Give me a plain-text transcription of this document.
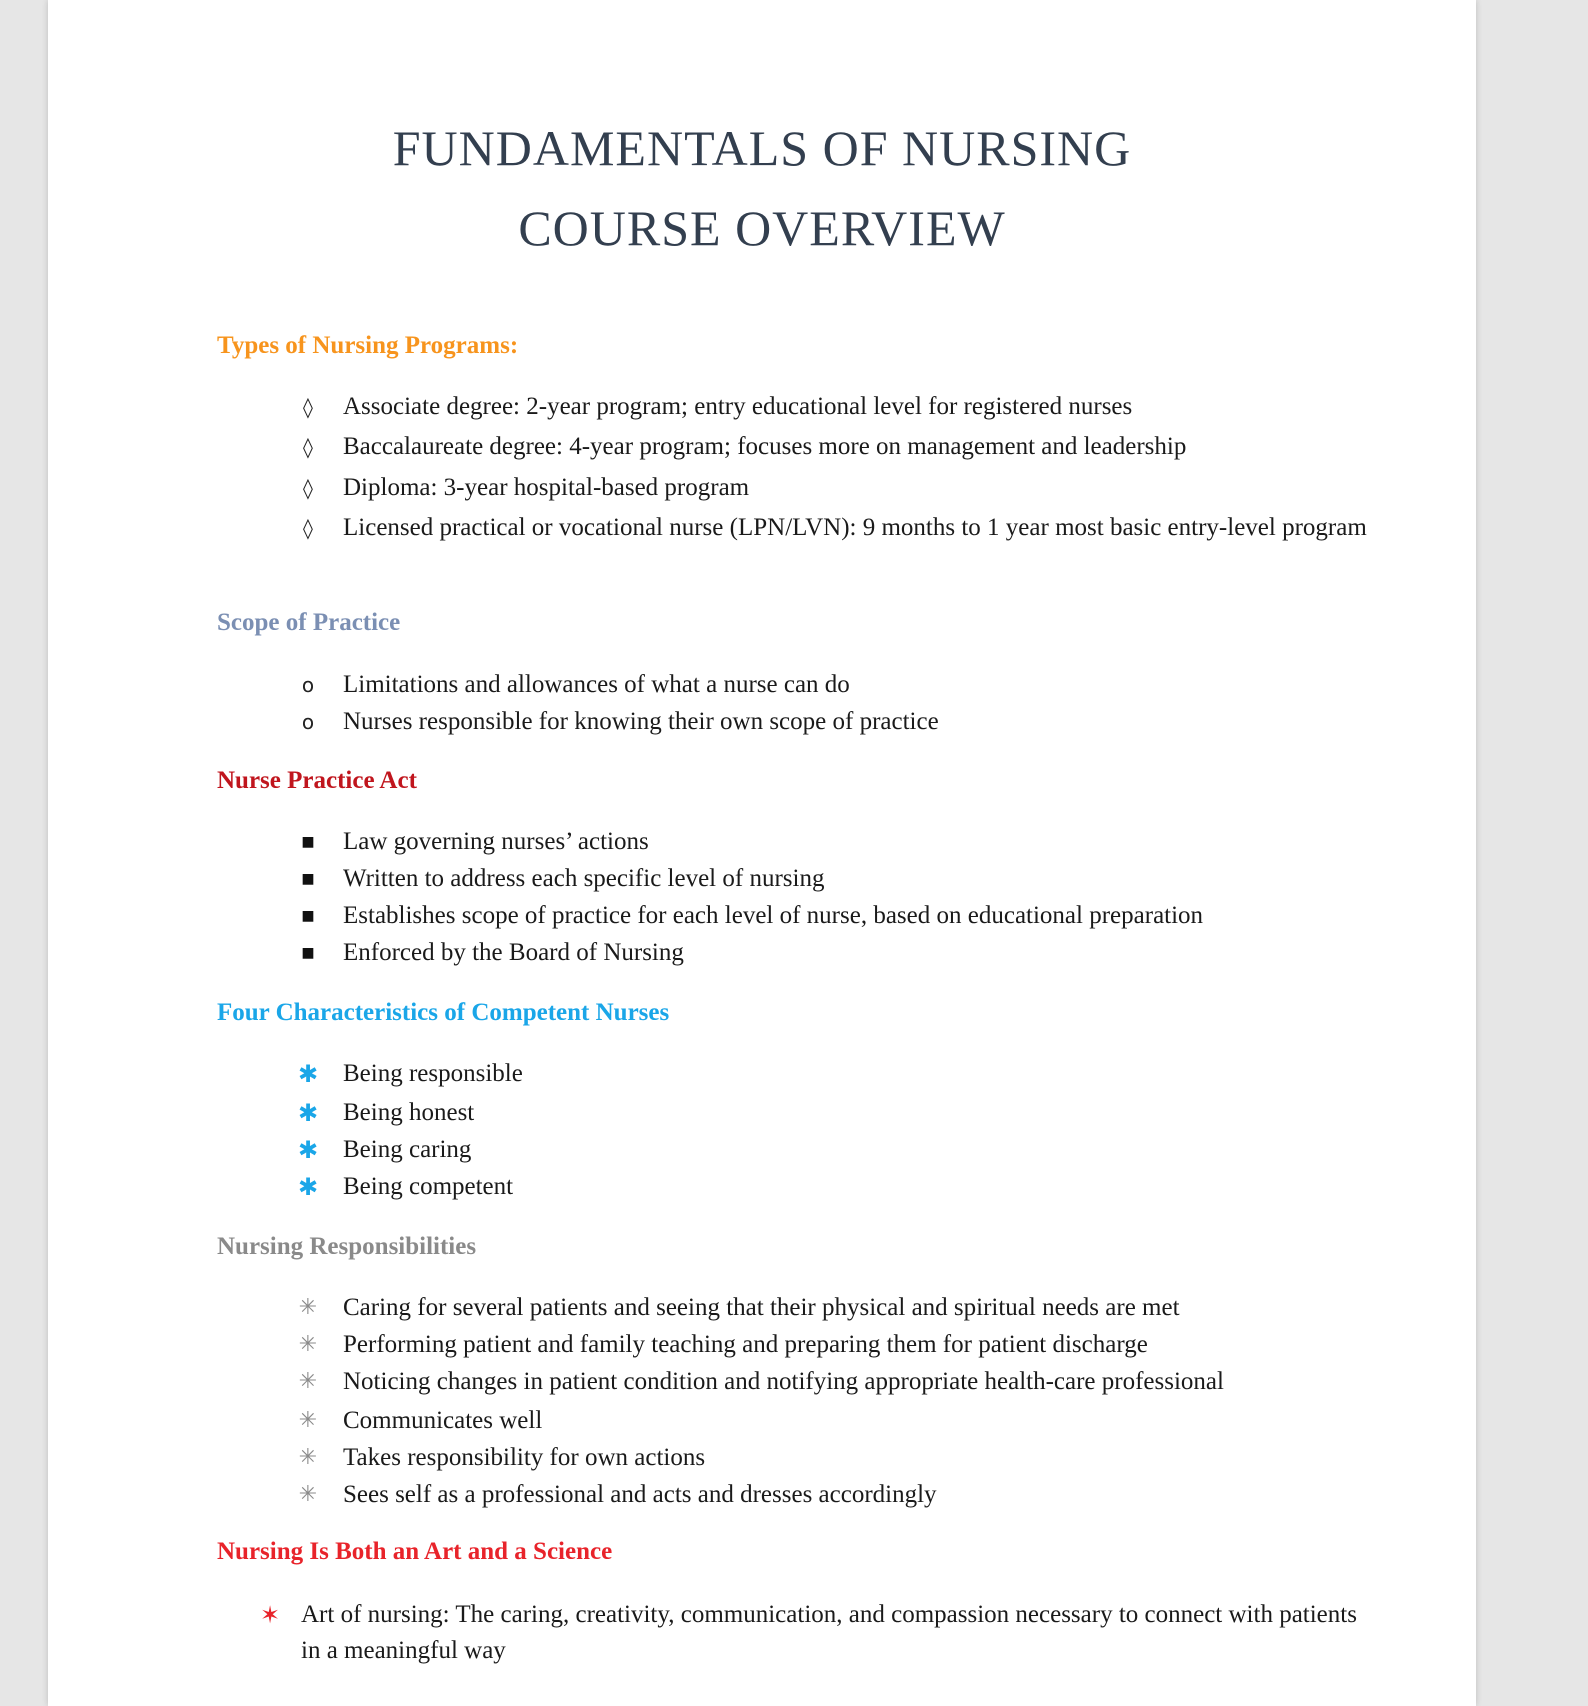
FUNDAMENTALS OF NURSING
COURSE OVERVIEW
Types of Nursing Programs:
◊	Associate degree: 2-year program; entry educational level for registered nurses
◊	Baccalaureate degree: 4-year program; focuses more on management and leadership
◊	Diploma: 3-year hospital-based program
◊	Licensed practical or vocational nurse (LPN/LVN): 9 months to 1 year most basic entry-level program
Scope of Practice
o	Limitations and allowances of what a nurse can do
o	Nurses responsible for knowing their own scope of practice
Nurse Practice Act
■	Law governing nurses’ actions
■	Written to address each specific level of nursing
■	Establishes scope of practice for each level of nurse, based on educational preparation
■	Enforced by the Board of Nursing
Four Characteristics of Competent Nurses
✱ Being responsible
✱ Being honest
✱ Being caring
✱ Being competent
Nursing Responsibilities
✳ Caring for several patients and seeing that their physical and spiritual needs are met
✳ Performing patient and family teaching and preparing them for patient discharge
✳ Noticing changes in patient condition and notifying appropriate health-care professional
✳ Communicates well
✳ Takes responsibility for own actions
✳ Sees self as a professional and acts and dresses accordingly
Nursing Is Both an Art and a Science
✶ Art of nursing: The caring, creativity, communication, and compassion necessary to connect with patients in a meaningful way
